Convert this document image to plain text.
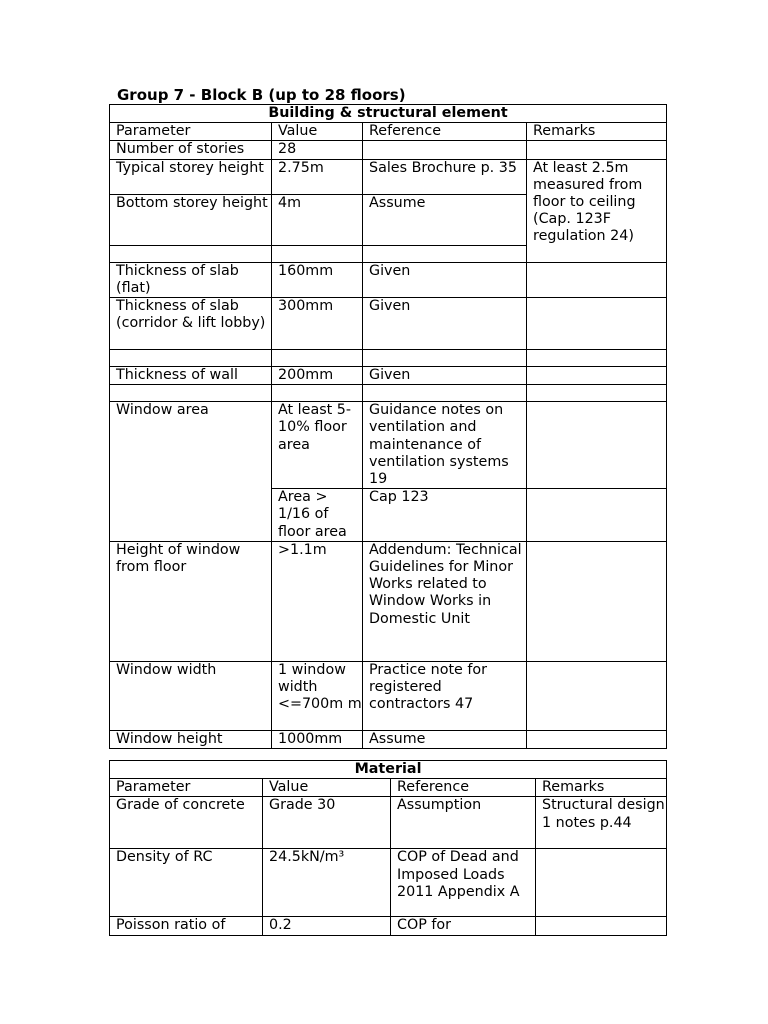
Group 7 - Block B (up to 28 floors)
Building & structural element			
Parameter	Value	Reference	Remarks
Number of stories	28		
Typical storey height	2.75m	Sales Brochure p. 35	At least 2.5m measured from floor to ceiling (Cap. 123F regulation 24)
Bottom storey height	4m	Assume	

Thickness of slab (flat)	160mm	Given	
Thickness of slab (corridor & lift lobby)	300mm	Given	

Thickness of wall	200mm	Given	

Window area	At least 5-10% floor area	Guidance notes on ventilation and maintenance of ventilation systems 19	
	Area > 1/16 of floor area	Cap 123	
Height of window from floor	>1.1m	Addendum: Technical Guidelines for Minor Works related to Window Works in Domestic Unit	
Window width	1 window width <=700m m	Practice note for registered contractors 47	
Window height	1000mm	Assume	
Material			
Parameter	Value	Reference	Remarks
Grade of concrete	Grade 30	Assumption	Structural design 1 notes p.44
Density of RC	24.5kN/m³	COP of Dead and Imposed Loads 2011 Appendix A	
Poisson ratio of	0.2	COP for	
